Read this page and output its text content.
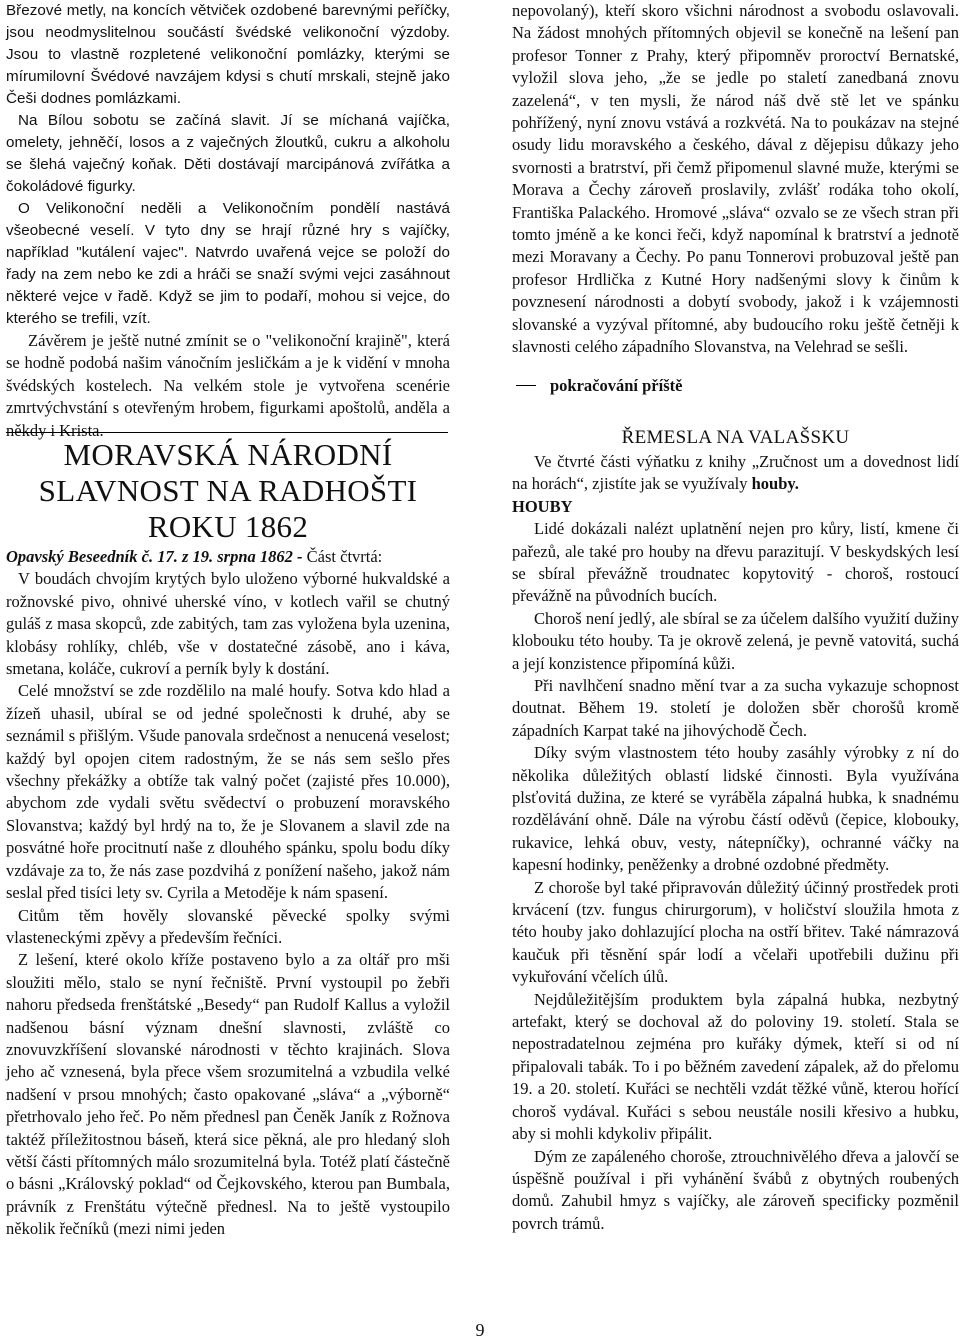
Březové metly, na koncích větviček ozdobené barevnými peříčky, jsou neodmyslitelnou součástí švédské velikonoční výzdoby. Jsou to vlastně rozpletené velikonoční pomlázky, kterými se mírumilovní Švédové navzájem kdysi s chutí mrskali, stejně jako Češi dodnes pomlázkami.

Na Bílou sobotu se začíná slavit. Jí se míchaná vajíčka, omelety, jehněčí, losos a z vaječných žloutků, cukru a alkoholu se šlehá vaječný koňak. Děti dostávají marcipánová zvířátka a čokoládové figurky.

O Velikonoční neděli a Velikonočním pondělí nastává všeobecné veselí. V tyto dny se hrají různé hry s vajíčky, například "kutálení vajec". Natvrdo uvařená vejce se položí do řady na zem nebo ke zdi a hráči se snaží svými vejci zasáhnout některé vejce v řadě. Když se jim to podaří, mohou si vejce, do kterého se trefili, vzít.

Závěrem je ještě nutné zmínit se o "velikonoční krajině", která se hodně podobá našim vánočním jesličkám a je k vidění v mnoha švédských kostelech. Na velkém stole je vytvořena scenérie zmrtvýchvstání s otevřeným hrobem, figurkami apoštolů, anděla a někdy i Krista.

MORAVSKÁ NÁRODNÍ
SLAVNOST NA RADHOŠTI
ROKU 1862

Opavský Beseedník č. 17. z 19. srpna 1862 - Část čtvrtá:

V boudách chvojím krytých bylo uloženo výborné hukvaldské a rožnovské pivo, ohnivé uherské víno, v kotlech vařil se chutný guláš z masa skopců, zde zabitých, tam zas vyložena byla uzenina, klobásy rohlíky, chléb, vše v dostatečné zásobě, ano i káva, smetana, koláče, cukroví a perník byly k dostání.

Celé množství se zde rozdělilo na malé houfy. Sotva kdo hlad a žízeň uhasil, ubíral se od jedné společnosti k druhé, aby se seznámil s přišlým. Všude panovala srdečnost a nenucená veselost; každý byl opojen citem radostným, že se nás sem sešlo přes všechny překážky a obtíže tak valný počet (zajisté přes 10.000), abychom zde vydali světu svědectví o probuzení moravského Slovanstva; každý byl hrdý na to, že je Slovanem a slavil zde na posvátné hoře procitnutí naše z dlouhého spánku, spolu bodu díky vzdávaje za to, že nás zase pozdvihá z ponížení našeho, jakož nám seslal před tisíci lety sv. Cyrila a Metoděje k nám spasení.

Citům těm hověly slovanské pěvecké spolky svými vlasteneckými zpěvy a především řečníci.

Z lešení, které okolo kříže postaveno bylo a za oltář pro mši sloužiti mělo, stalo se nyní řečniště. První vystoupil po žebři nahoru předseda frenštátské „Besedy“ pan Rudolf Kallus a vyložil nadšenou básní význam dnešní slavnosti, zvláště co znovuvzkříšení slovanské národnosti v těchto krajinách. Slova jeho ač vznesená, byla přece všem srozumitelná a vzbudila velké nadšení v prsou mnohých; často opakované „sláva“ a „výborně“ přetrhovalo jeho řeč. Po něm přednesl pan Čeněk Janík z Rožnova taktéž příležitostnou báseň, která sice pěkná, ale pro hledaný sloh větší části přítomných málo srozumitelná byla. Totéž platí částečně o básni „Královský poklad“ od Čejkovského, kterou pan Bumbala, právník z Frenštátu výtečně přednesl. Na to ještě vystoupilo několik řečníků (mezi nimi jeden

nepovolaný), kteří skoro všichni národnost a svobodu oslavovali. Na žádost mnohých přítomných objevil se konečně na lešení pan profesor Tonner z Prahy, který připomněv proroctví Bernatské, vyložil slova jeho, „že se jedle po staletí zanedbaná znovu zazelená“, v ten mysli, že národ náš dvě stě let ve spánku pohřížený, nyní znovu vstává a rozkvétá. Na to poukázav na stejné osudy lidu moravského a českého, dával z dějepisu důkazy jeho svornosti a bratrství, při čemž připomenul slavné muže, kterými se Morava a Čechy zároveň proslavily, zvlášť rodáka toho okolí, Františka Palackého. Hromové „sláva“ ozvalo se ze všech stran při tomto jméně a ke konci řeči, když napomínal k bratrství a jednotě mezi Moravany a Čechy. Po panu Tonnerovi probuzoval ještě pan profesor Hrdlička z Kutné Hory nadšenými slovy k činům k povznesení národnosti a dobytí svobody, jakož i k vzájemnosti slovanské a vyzýval přítomné, aby budoucího roku ještě četněji k slavnosti celého západního Slovanstva, na Velehrad se sešli.

pokračování příště
ŘEMESLA NA VALAŠSKU

Ve čtvrté části výňatku z knihy „Zručnost um a dovednost lidí na horách“, zjistíte jak se využívaly houby.

HOUBY

Lidé dokázali nalézt uplatnění nejen pro kůry, listí, kmene či pařezů, ale také pro houby na dřevu parazitují. V beskydských lesí se sbíral převážně troudnatec kopytovitý - choroš, rostoucí převážně na původních bucích.

Choroš není jedlý, ale sbíral se za účelem dalšího využití dužiny klobouku této houby. Ta je okrově zelená, je pevně vatovitá, suchá a její konzistence připomíná kůži.

Při navlhčení snadno mění tvar a za sucha vykazuje schopnost doutnat. Během 19. století je doložen sběr chorošů kromě západních Karpat také na jihovýchodě Čech.

Díky svým vlastnostem této houby zasáhly výrobky z ní do několika důležitých oblastí lidské činnosti. Byla využívána plsťovitá dužina, ze které se vyráběla zápalná hubka, k snadnému rozdělávání ohně. Dále na výrobu částí oděvů (čepice, klobouky, rukavice, lehká obuv, vesty, nátepníčky), ochranné váčky na kapesní hodinky, peněženky a drobné ozdobné předměty.

Z choroše byl také připravován důležitý účinný prostředek proti krvácení (tzv. fungus chirurgorum), v holičství sloužila hmota z této houby jako dohlazující plocha na ostří břitev. Také námrazová kaučuk při těsnění spár lodí a včelaři upotřebili dužinu při vykuřování včelích úlů.

Nejdůležitějším produktem byla zápalná hubka, nezbytný artefakt, který se dochoval až do poloviny 19. století. Stala se nepostradatelnou zejména pro kuřáky dýmek, kteří si od ní připalovali tabák. To i po běžném zavedení zápalek, až do přelomu 19. a 20. století. Kuřáci se nechtěli vzdát těžké vůně, kterou hořící choroš vydával. Kuřáci s sebou neustále nosili křesivo a hubku, aby si mohli kdykoliv připálit.

Dým ze zapáleného choroše, ztrouchnivělého dřeva a jalovčí se úspěšně používal i při vyhánění švábů z obytných roubených domů. Zahubil hmyz s vajíčky, ale zároveň specificky pozměnil povrch trámů.

9
